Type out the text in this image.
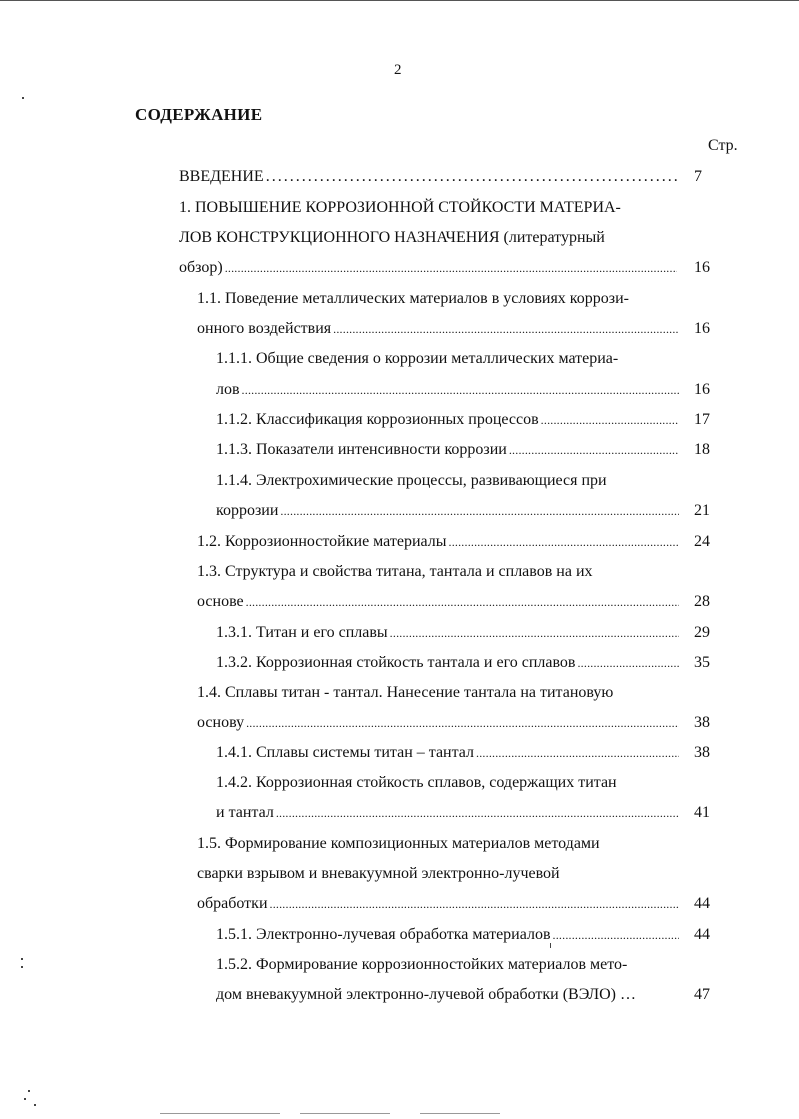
2
СОДЕРЖАНИЕ
Стр.
ВВЕДЕНИЕ .....	7
1. ПОВЫШЕНИЕ КОРРОЗИОННОЙ СТОЙКОСТИ МАТЕРИА-
ЛОВ КОНСТРУКЦИОННОГО НАЗНАЧЕНИЯ (литературный
обзор) .....	16
1.1. Поведение металлических материалов в условиях коррози-
онного воздействия .....	16
1.1.1. Общие сведения о коррозии металлических материа-
лов .....	16
1.1.2. Классификация коррозионных процессов .....	17
1.1.3. Показатели интенсивности коррозии .....	18
1.1.4. Электрохимические процессы, развивающиеся при
коррозии .....	21
1.2. Коррозионностойкие материалы .....	24
1.3. Структура и свойства титана, тантала и сплавов на их
основе .....	28
1.3.1. Титан и его сплавы .....	29
1.3.2. Коррозионная стойкость тантала и его сплавов .....	35
1.4. Сплавы титан - тантал. Нанесение тантала на титановую
основу .....	38
1.4.1. Сплавы системы титан – тантал .....	38
1.4.2. Коррозионная стойкость сплавов, содержащих титан
и тантал .....	41
1.5. Формирование композиционных материалов методами
сварки взрывом и вневакуумной электронно-лучевой
обработки .....	44
1.5.1. Электронно-лучевая обработка материалов .....	44
1.5.2. Формирование коррозионностойких материалов мето-
дом вневакуумной электронно-лучевой обработки (ВЭЛО) …	47
